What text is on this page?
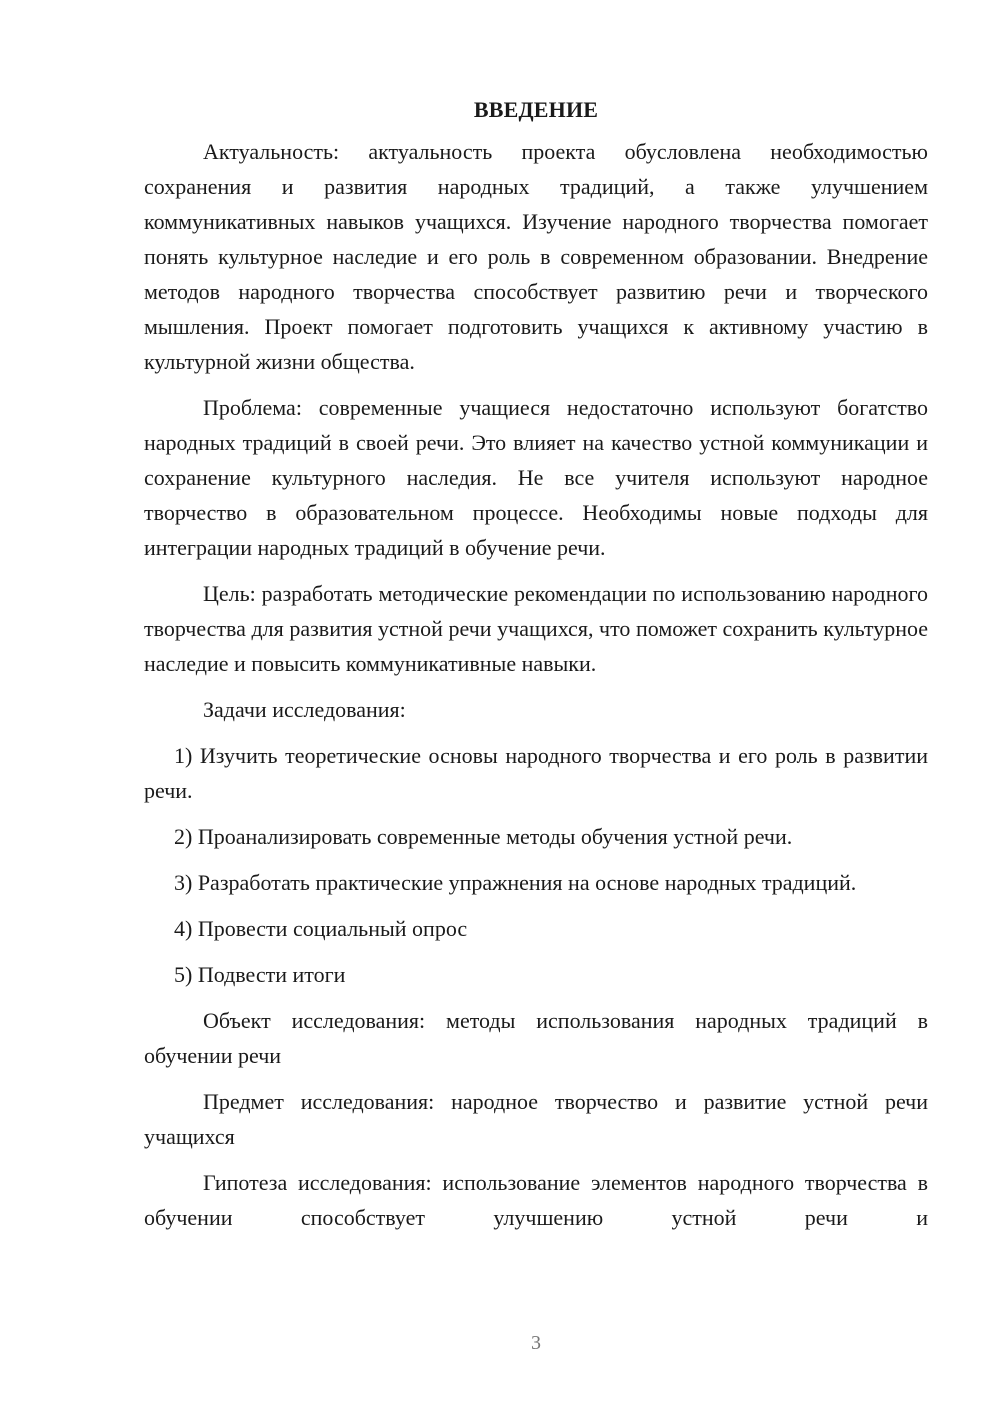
ВВЕДЕНИЕ

Актуальность: актуальность проекта обусловлена необходимостью сохранения и развития народных традиций, а также улучшением коммуникативных навыков учащихся. Изучение народного творчества помогает понять культурное наследие и его роль в современном образовании. Внедрение методов народного творчества способствует развитию речи и творческого мышления. Проект помогает подготовить учащихся к активному участию в культурной жизни общества.

Проблема: современные учащиеся недостаточно используют богатство народных традиций в своей речи. Это влияет на качество устной коммуникации и сохранение культурного наследия. Не все учителя используют народное творчество в образовательном процессе. Необходимы новые подходы для интеграции народных традиций в обучение речи.

Цель: разработать методические рекомендации по использованию народного творчества для развития устной речи учащихся, что поможет сохранить культурное наследие и повысить коммуникативные навыки.

Задачи исследования:

1) Изучить теоретические основы народного творчества и его роль в развитии речи.

2) Проанализировать современные методы обучения устной речи.

3) Разработать практические упражнения на основе народных традиций.

4) Провести социальный опрос

5) Подвести итоги

Объект исследования: методы использования народных традиций в обучении речи

Предмет исследования: народное творчество и развитие устной речи учащихся

Гипотеза исследования: использование элементов народного творчества в обучении способствует улучшению устной речи и

3
